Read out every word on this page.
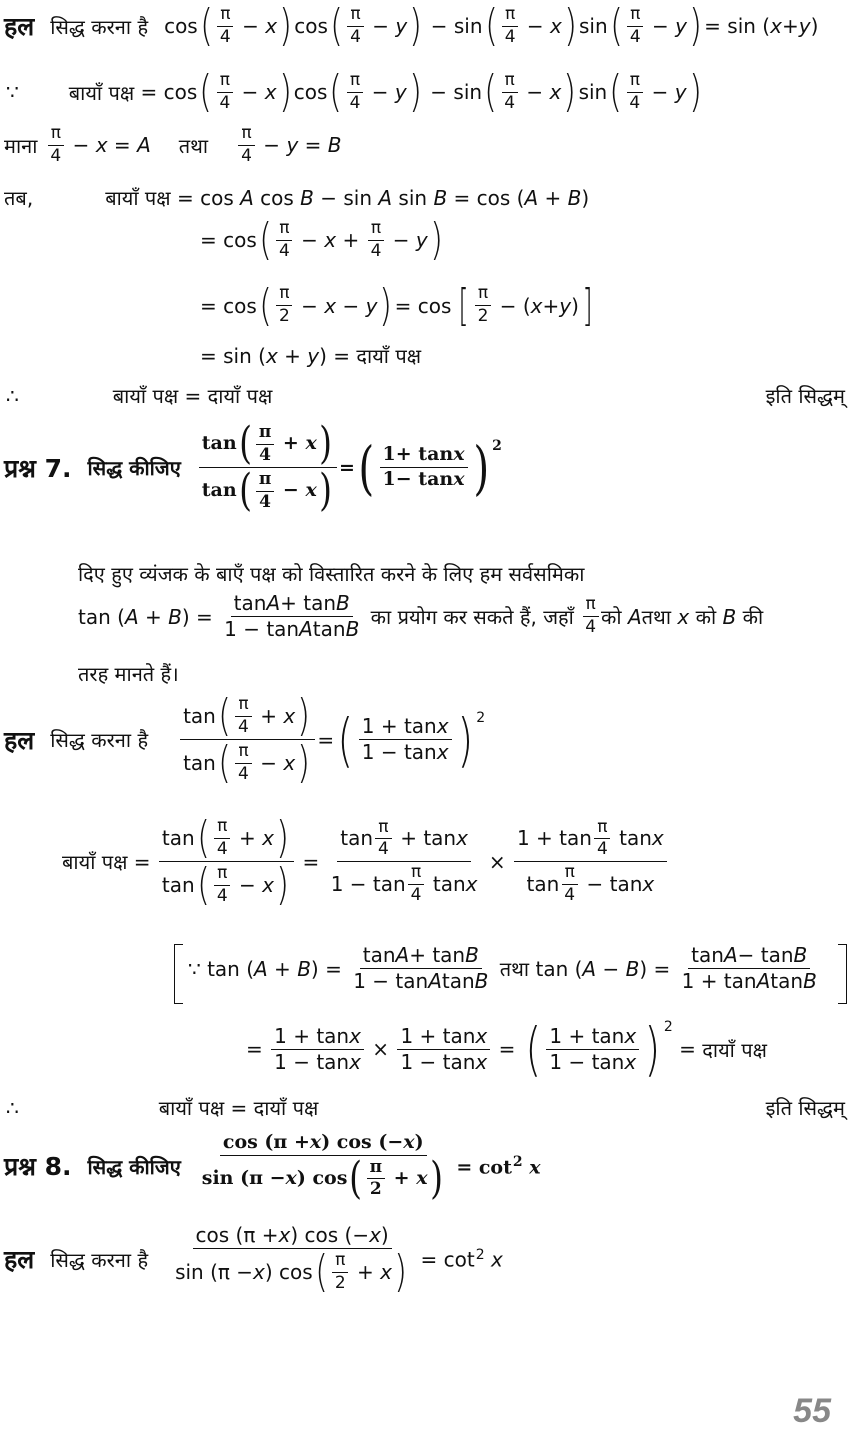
हल सिद्ध करना है cos ( $\frac{\pi}{4} - x$ ) cos ( $\frac{\pi}{4} - y$ ) − sin ( $\frac{\pi}{4} - x$ ) sin ( $\frac{\pi}{4} - y$ ) = sin ( x + y )
∵	बायाँ पक्ष = cos ( $\frac{\pi}{4} - x$ ) cos ( $\frac{\pi}{4} - y$ ) − sin ( $\frac{\pi}{4} - x$ ) sin ( $\frac{\pi}{4} - y$ )
माना $\frac{\pi}{4} - x = A$ तथा $\frac{\pi}{4} - y = B$
तब,	बायाँ पक्ष = cos A cos B − sin A sin B = cos (A + B)
= cos ( $\frac{\pi}{4} - x + \frac{\pi}{4} - y$ )
= cos ( $\frac{\pi}{2} - x - y$ ) = cos [ $\frac{\pi}{2}$ − ( x + y ) ]
= sin (x + y) = दायाँ पक्ष
∴	बायाँ पक्ष = दायाँ पक्ष	इति सिद्धम्
प्रश्न 7. सिद्ध कीजिए $\frac{\tan ( \frac{\pi}{4} + x )}{\tan ( \frac{\pi}{4} - x )}$ = ( $\frac{\text{1+ tan x}}{\text{1− tan x}}$ ) 2
दिए हुए व्यंजक के बाएँ पक्ष को विस्तारित करने के लिए हम सर्वसमिका
$\tan (A + B) = \frac{\text{tan A + tan B}}{\text{1 − tan A tan B}}$
का प्रयोग कर सकते हैं, जहाँ
$\frac{\pi}{4}$ को A तथा x को B की
तरह मानते हैं।
हल सिद्ध करना है $\frac{\tan ( \frac{\pi}{4} + x )}{\tan ( \frac{\pi}{4} - x )}$ = ( $\frac{\text{1 + tan x}}{\text{1 − tan x}}$ ) 2
बायाँ पक्ष = $\frac{\tan ( \frac{\pi}{4} + x )}{\tan ( \frac{\pi}{4} - x )} = \frac{\tan \frac{\pi}{4} + \tan x}{1 - \tan \frac{\pi}{4} \tan x} \times \frac{1 + \tan \frac{\pi}{4} \tan x}{\tan \frac{\pi}{4} - \tan x}$
∵ $\tan (A + B) = \frac{\text{tan A + tan B}}{\text{1 − tan A tan B}}$
तथा $\tan (A - B) = \frac{\text{tan A − tan B}}{\text{1 + tan A tan B}}$
= $\frac{\text{1 + tan x}}{\text{1 − tan x}} \times \frac{\text{1 + tan x}}{\text{1 − tan x}}$ = ( $\frac{\text{1 + tan x}}{\text{1 − tan x}}$ ) 2
= दायाँ पक्ष
∴	बायाँ पक्ष = दायाँ पक्ष	इति सिद्धम्
प्रश्न 8. सिद्ध कीजिए $\frac{\cos (\pi + x ) \cos (- x )}{\sin (\pi - x ) \cos ( \frac{\pi}{2} + x )} = \cot^2 x$
हल सिद्ध करना है $\frac{\cos (\pi + x ) \cos (- x )}{\sin (\pi - x ) \cos ( \frac{\pi}{2} + x )} = \cot^2 x$
55
